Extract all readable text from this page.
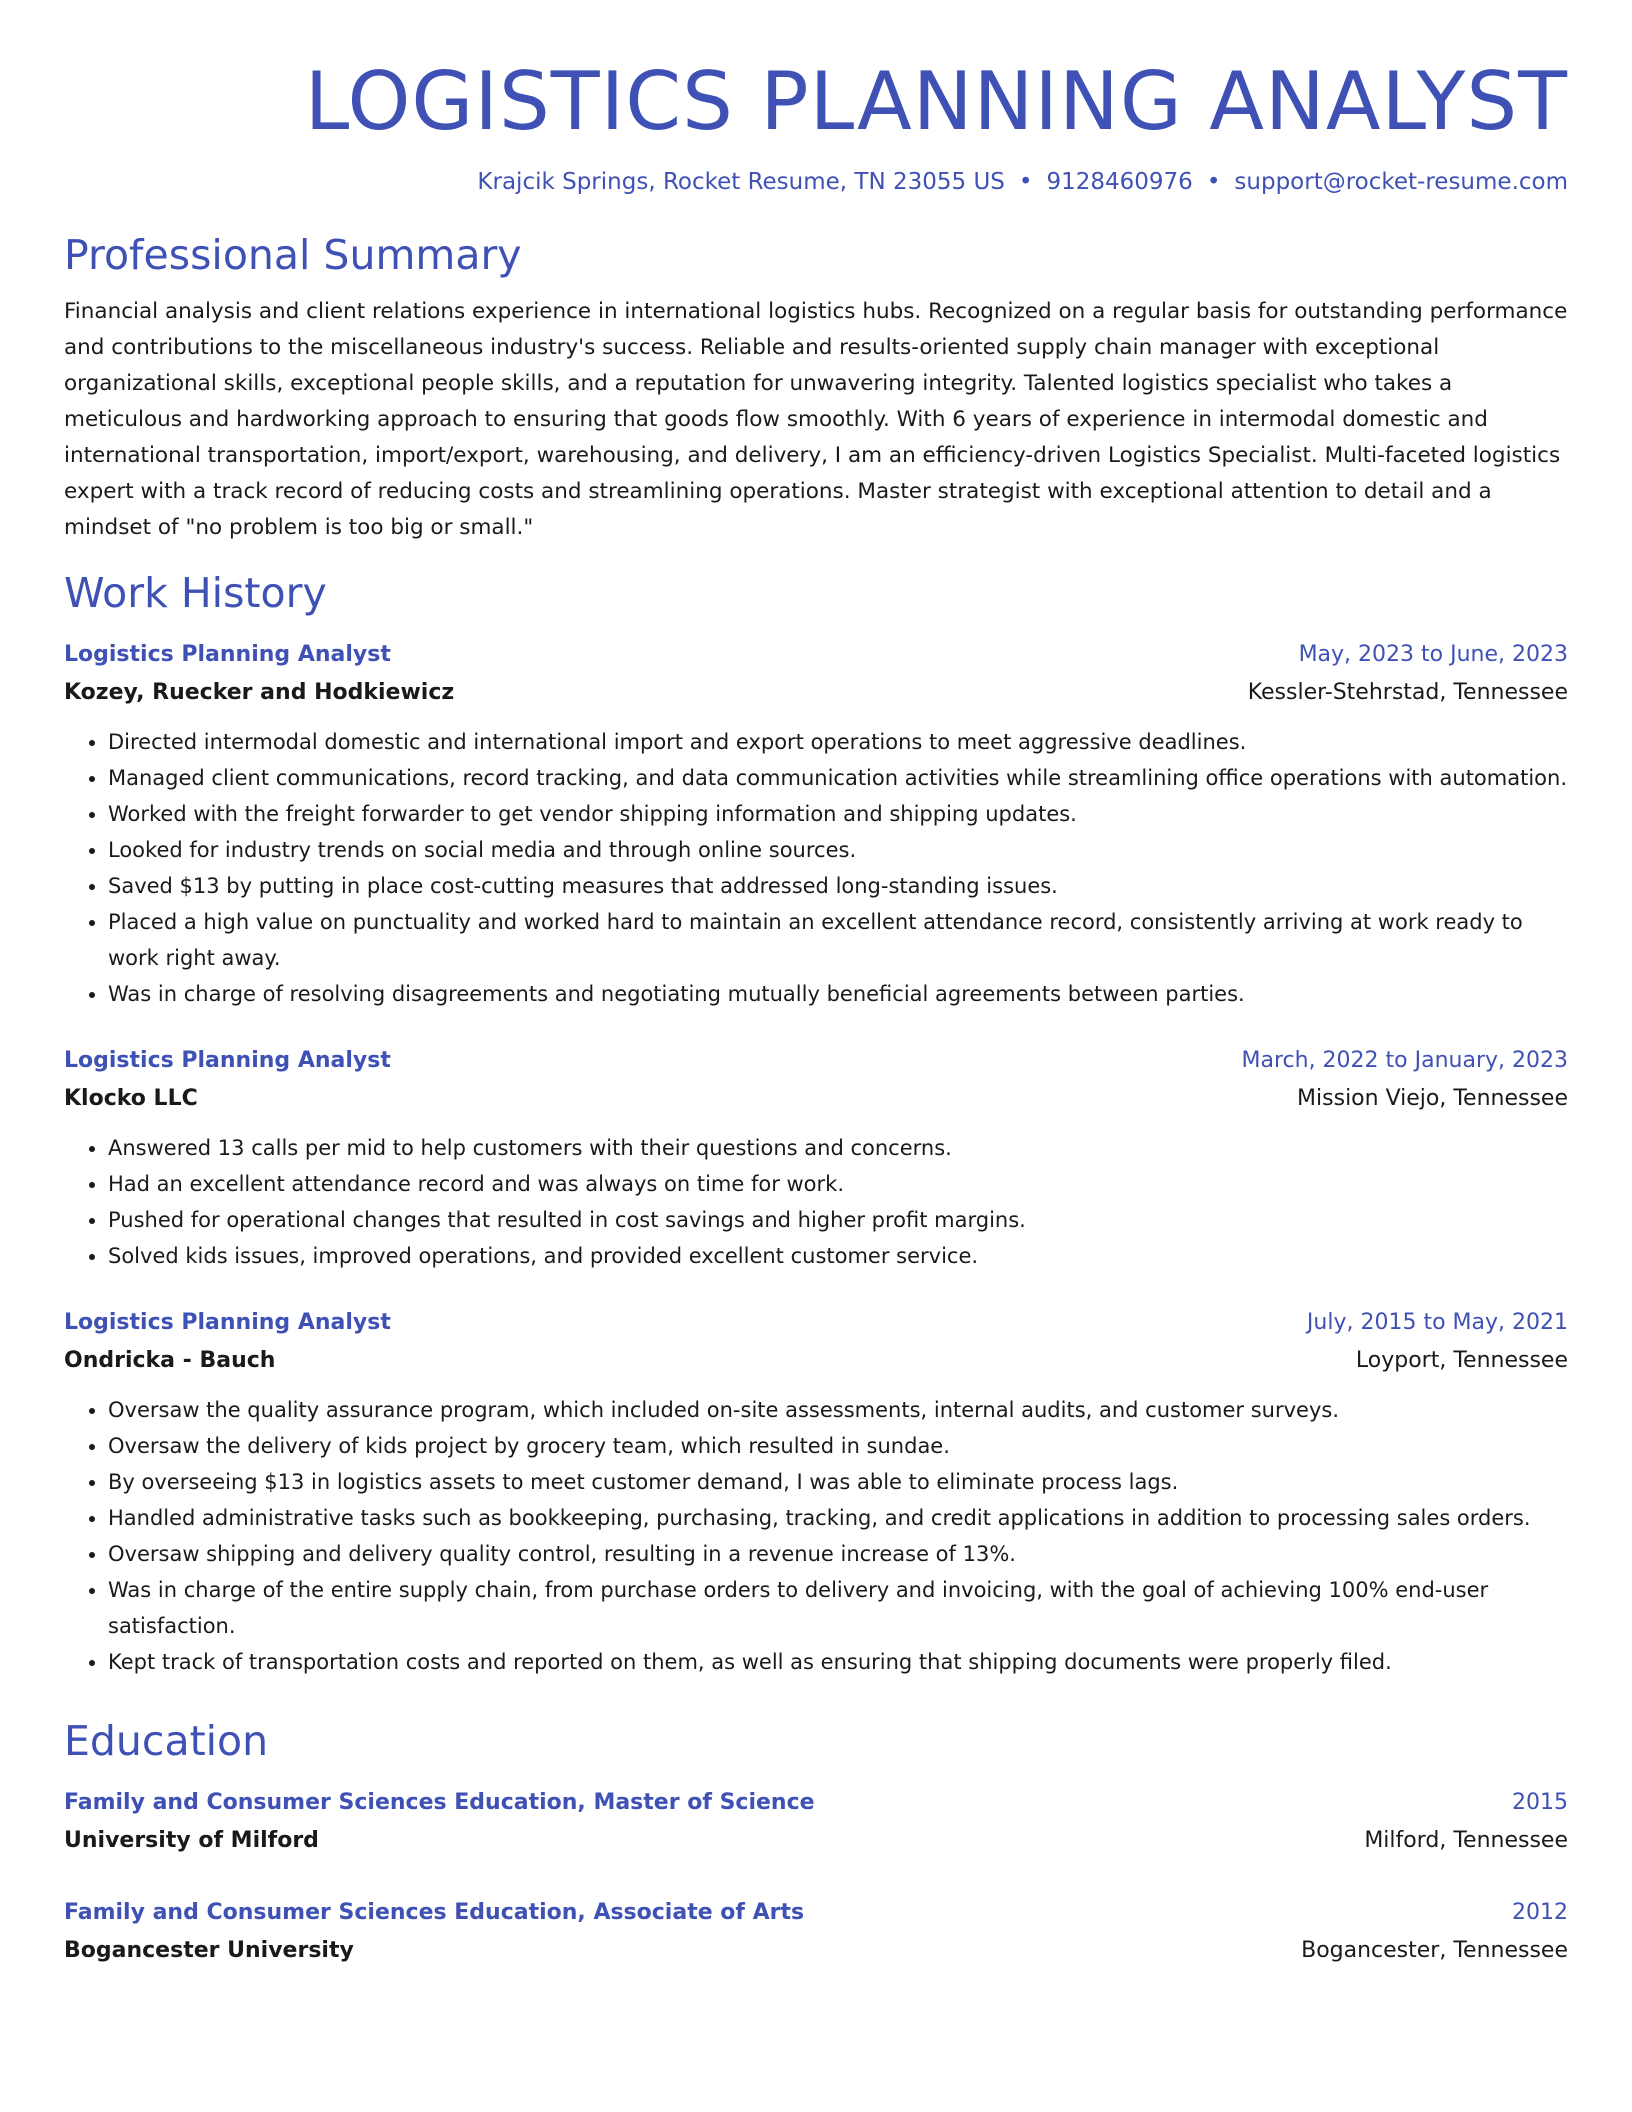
LOGISTICS PLANNING ANALYST
Krajcik Springs, Rocket Resume, TN 23055 US • 9128460976 • support@rocket-resume.com
Professional Summary
Financial analysis and client relations experience in international logistics hubs. Recognized on a regular basis for outstanding performance and contributions to the miscellaneous industry's success. Reliable and results-oriented supply chain manager with exceptional organizational skills, exceptional people skills, and a reputation for unwavering integrity. Talented logistics specialist who takes a meticulous and hardworking approach to ensuring that goods flow smoothly. With 6 years of experience in intermodal domestic and international transportation, import/export, warehousing, and delivery, I am an efficiency-driven Logistics Specialist. Multi-faceted logistics expert with a track record of reducing costs and streamlining operations. Master strategist with exceptional attention to detail and a mindset of "no problem is too big or small."
Work History
Logistics Planning Analyst	May, 2023 to June, 2023
Kozey, Ruecker and Hodkiewicz	Kessler-Stehrstad, Tennessee
• Directed intermodal domestic and international import and export operations to meet aggressive deadlines.
• Managed client communications, record tracking, and data communication activities while streamlining office operations with automation.
• Worked with the freight forwarder to get vendor shipping information and shipping updates.
• Looked for industry trends on social media and through online sources.
• Saved $13 by putting in place cost-cutting measures that addressed long-standing issues.
• Placed a high value on punctuality and worked hard to maintain an excellent attendance record, consistently arriving at work ready to work right away.
• Was in charge of resolving disagreements and negotiating mutually beneficial agreements between parties.
Logistics Planning Analyst	March, 2022 to January, 2023
Klocko LLC	Mission Viejo, Tennessee
• Answered 13 calls per mid to help customers with their questions and concerns.
• Had an excellent attendance record and was always on time for work.
• Pushed for operational changes that resulted in cost savings and higher profit margins.
• Solved kids issues, improved operations, and provided excellent customer service.
Logistics Planning Analyst	July, 2015 to May, 2021
Ondricka - Bauch	Loyport, Tennessee
• Oversaw the quality assurance program, which included on-site assessments, internal audits, and customer surveys.
• Oversaw the delivery of kids project by grocery team, which resulted in sundae.
• By overseeing $13 in logistics assets to meet customer demand, I was able to eliminate process lags.
• Handled administrative tasks such as bookkeeping, purchasing, tracking, and credit applications in addition to processing sales orders.
• Oversaw shipping and delivery quality control, resulting in a revenue increase of 13%.
• Was in charge of the entire supply chain, from purchase orders to delivery and invoicing, with the goal of achieving 100% end-user satisfaction.
• Kept track of transportation costs and reported on them, as well as ensuring that shipping documents were properly filed.
Education
Family and Consumer Sciences Education, Master of Science	2015
University of Milford	Milford, Tennessee
Family and Consumer Sciences Education, Associate of Arts	2012
Bogancester University	Bogancester, Tennessee
